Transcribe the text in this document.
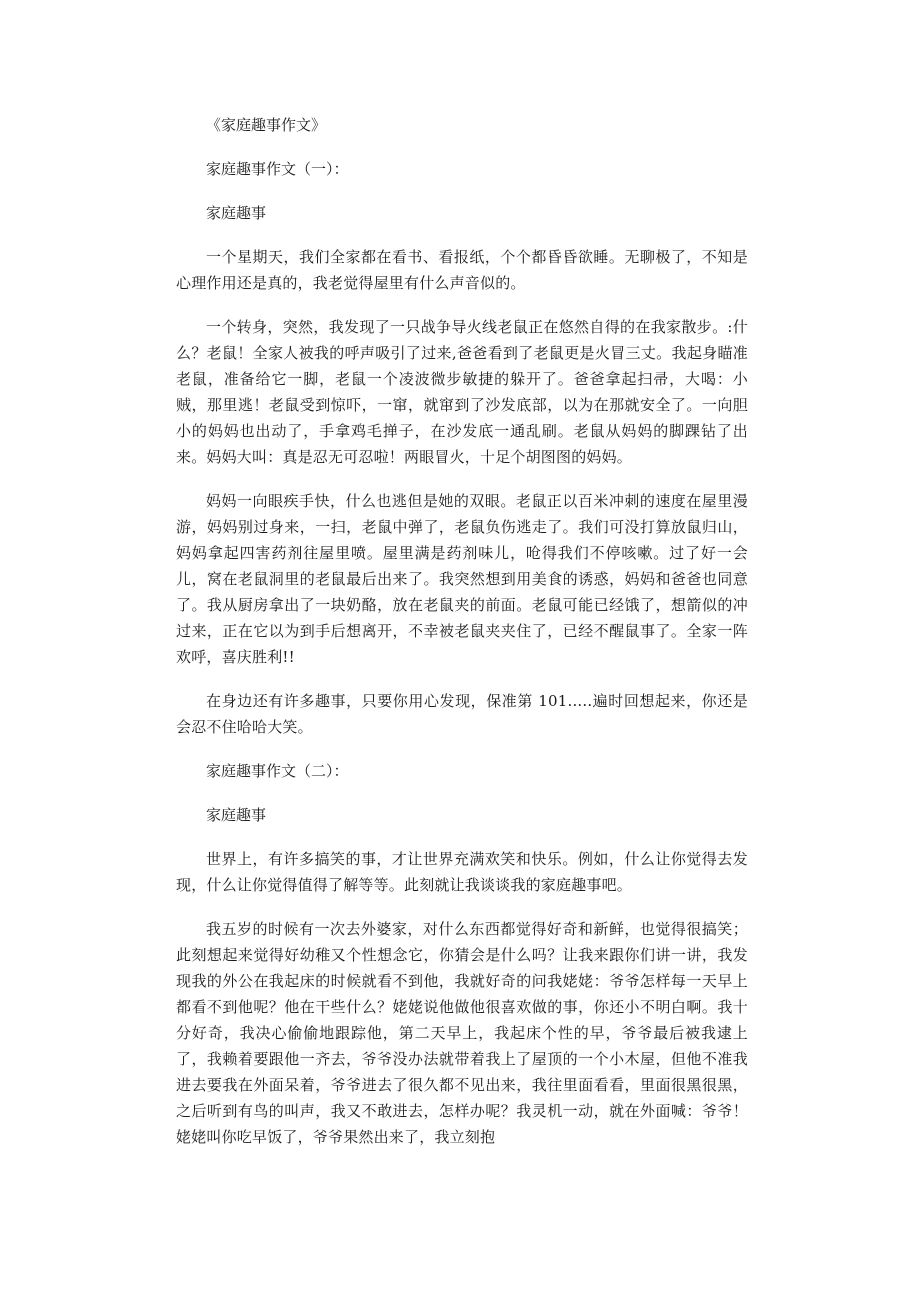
《家庭趣事作文》

家庭趣事作文（一）：

家庭趣事

一个星期天，我们全家都在看书、看报纸，个个都昏昏欲睡。无聊极了，不知是心理作用还是真的，我老觉得屋里有什么声音似的。

一个转身，突然，我发现了一只战争导火线老鼠正在悠然自得的在我家散步。:什么？老鼠！全家人被我的呼声吸引了过来,爸爸看到了老鼠更是火冒三丈。我起身瞄准老鼠，准备给它一脚，老鼠一个凌波微步敏捷的躲开了。爸爸拿起扫帚，大喝：小贼，那里逃！老鼠受到惊吓，一窜，就窜到了沙发底部，以为在那就安全了。一向胆小的妈妈也出动了，手拿鸡毛掸子，在沙发底一通乱刷。老鼠从妈妈的脚踝钻了出来。妈妈大叫：真是忍无可忍啦！两眼冒火，十足个胡图图的妈妈。

妈妈一向眼疾手快，什么也逃但是她的双眼。老鼠正以百米冲刺的速度在屋里漫游，妈妈别过身来，一扫，老鼠中弹了，老鼠负伤逃走了。我们可没打算放鼠归山，妈妈拿起四害药剂往屋里喷。屋里满是药剂味儿，呛得我们不停咳嗽。过了好一会儿，窝在老鼠洞里的老鼠最后出来了。我突然想到用美食的诱惑，妈妈和爸爸也同意了。我从厨房拿出了一块奶酪，放在老鼠夹的前面。老鼠可能已经饿了，想箭似的冲过来，正在它以为到手后想离开，不幸被老鼠夹夹住了，已经不醒鼠事了。全家一阵欢呼，喜庆胜利!!

在身边还有许多趣事，只要你用心发现，保准第 101.....遍时回想起来，你还是会忍不住哈哈大笑。

家庭趣事作文（二）：

家庭趣事

世界上，有许多搞笑的事，才让世界充满欢笑和快乐。例如，什么让你觉得去发现，什么让你觉得值得了解等等。此刻就让我谈谈我的家庭趣事吧。

我五岁的时候有一次去外婆家，对什么东西都觉得好奇和新鲜，也觉得很搞笑；此刻想起来觉得好幼稚又个性想念它，你猜会是什么吗？让我来跟你们讲一讲，我发现我的外公在我起床的时候就看不到他，我就好奇的问我姥姥：爷爷怎样每一天早上都看不到他呢？他在干些什么？姥姥说他做他很喜欢做的事，你还小不明白啊。我十分好奇，我决心偷偷地跟踪他，第二天早上，我起床个性的早，爷爷最后被我逮上了，我赖着要跟他一齐去，爷爷没办法就带着我上了屋顶的一个小木屋，但他不准我进去要我在外面呆着，爷爷进去了很久都不见出来，我往里面看看，里面很黑很黑，之后听到有鸟的叫声，我又不敢进去，怎样办呢？我灵机一动，就在外面喊：爷爷！姥姥叫你吃早饭了，爷爷果然出来了，我立刻抱
